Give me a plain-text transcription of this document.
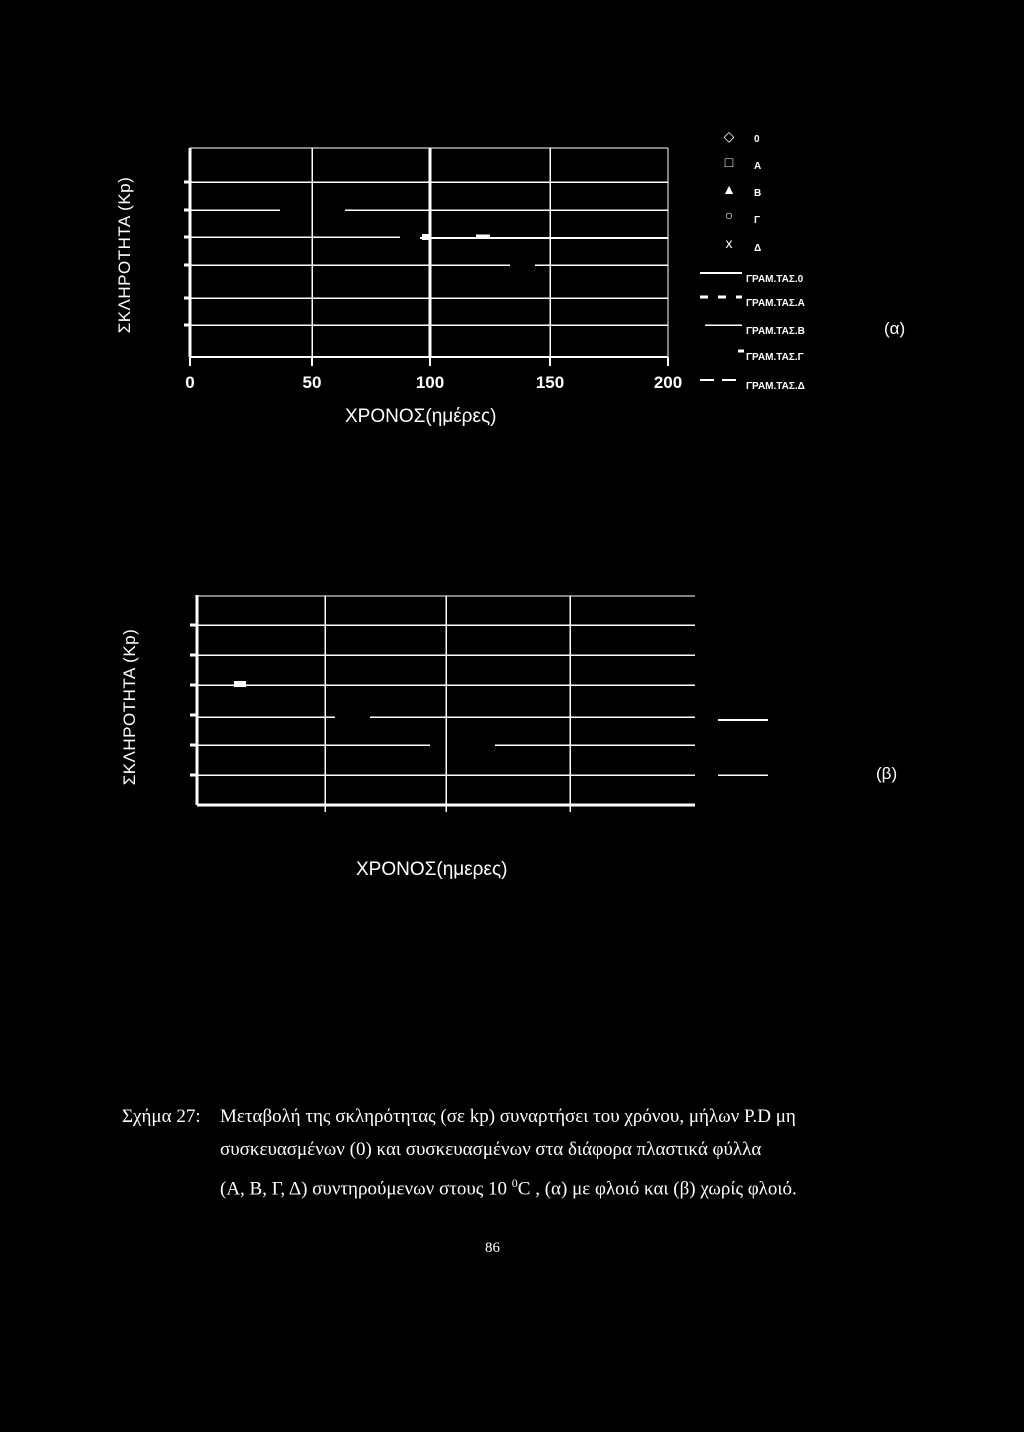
ΣΚΛΗΡΟΤΗΤΑ (Kp)
0	50	100	150	200
ΧΡΟΝΟΣ(ημέρες)
◇	0
□	Α
▲ Β
○	Γ
x	Δ
ΓΡΑΜ.ΤΑΣ.0
ΓΡΑΜ.ΤΑΣ.Α
ΓΡΑΜ.ΤΑΣ.Β
ΓΡΑΜ.ΤΑΣ.Γ
ΓΡΑΜ.ΤΑΣ.Δ
(α)
ΣΚΛΗΡΟΤΗΤΑ (Kp)	(β)
ΧΡΟΝΟΣ(ημερες)
Σχήμα 27: Μεταβολή της σκληρότητας (σε kp) συναρτήσει του χρόνου, μήλων P.D μη
συσκευασμένων (0) και συσκευασμένων στα διάφορα πλαστικά φύλλα
(Α, Β, Γ, Δ) συντηρούμενων στους 10 $^0$C , (α) με φλοιό και (β) χωρίς φλοιό.
86
